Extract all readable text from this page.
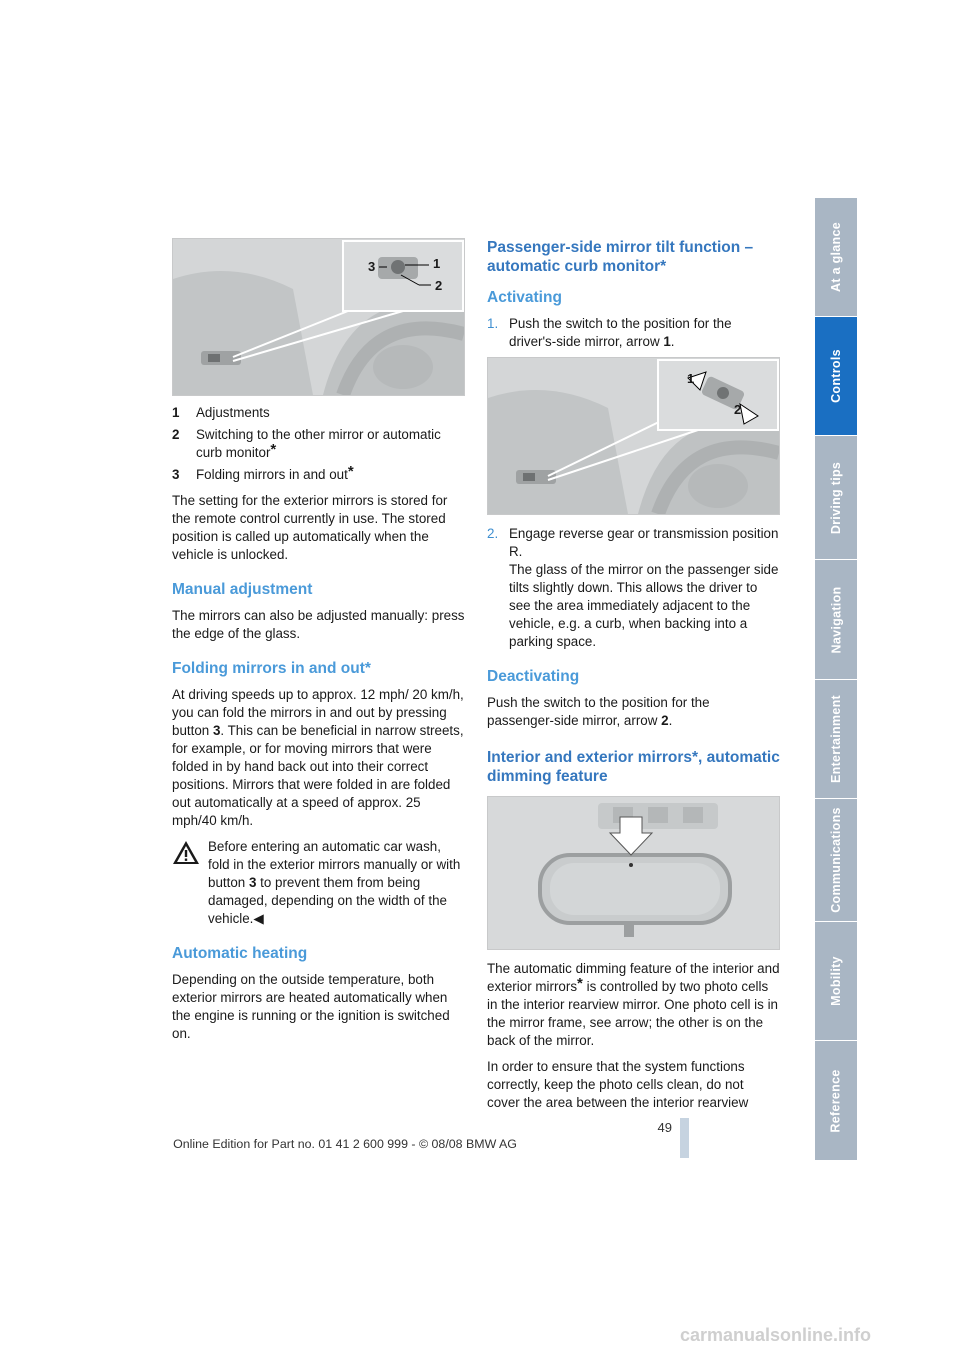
At a glance
Controls
Driving tips
Navigation
Entertainment
Communications
Mobility
Reference
3	1
2
1	Adjustments
2	Switching to the other mirror or automatic curb monitor*
3	Folding mirrors in and out*

The setting for the exterior mirrors is stored for the remote control currently in use. The stored position is called up automatically when the vehicle is unlocked.

Manual adjustment

The mirrors can also be adjusted manually: press the edge of the glass.

Folding mirrors in and out*

At driving speeds up to approx. 12 mph/ 20 km/h, you can fold the mirrors in and out by pressing button 3. This can be beneficial in narrow streets, for example, or for moving mirrors that were folded in by hand back out into their correct positions. Mirrors that were folded in are folded out automatically at a speed of approx. 25 mph/40 km/h.

Before entering an automatic car wash, fold in the exterior mirrors manually or with button 3 to prevent them from being damaged, depending on the width of the vehicle.◀
Automatic heating

Depending on the outside temperature, both exterior mirrors are heated automatically when the engine is running or the ignition is switched on.

Passenger-side mirror tilt function – automatic curb monitor*
Activating
1. Push the switch to the position for the driver's-side mirror, arrow 1.
1
2
2. Engage reverse gear or transmission position R.
The glass of the mirror on the passenger side tilts slightly down. This allows the driver to see the area immediately adjacent to the vehicle, e.g. a curb, when backing into a parking space.
Deactivating

Push the switch to the position for the passenger-side mirror, arrow 2.

Interior and exterior mirrors*, automatic dimming feature

The automatic dimming feature of the interior and exterior mirrors* is controlled by two photo cells in the interior rearview mirror. One photo cell is in the mirror frame, see arrow; the other is on the back of the mirror.

In order to ensure that the system functions correctly, keep the photo cells clean, do not cover the area between the interior rearview

49
Online Edition for Part no. 01 41 2 600 999 - © 08/08 BMW AG
carmanualsonline.info
